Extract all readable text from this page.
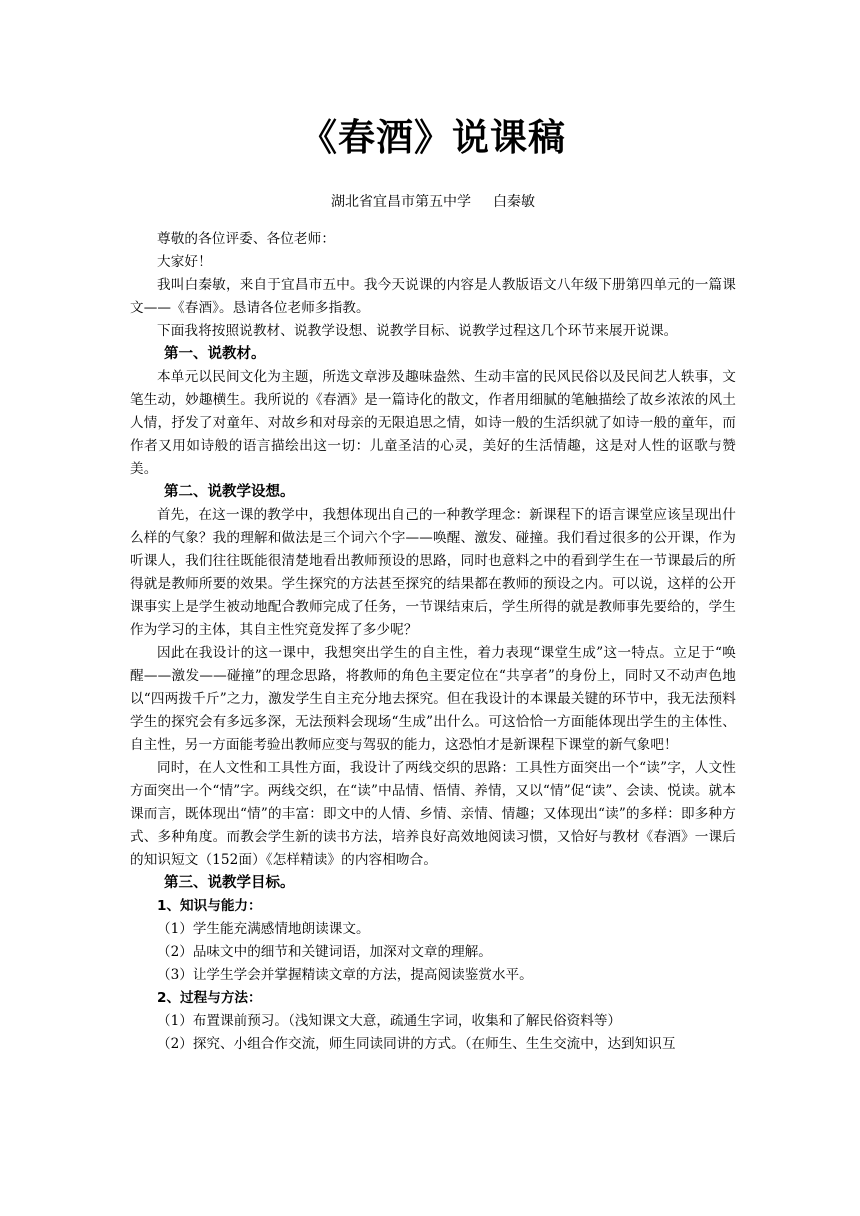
《春酒》说课稿
湖北省宜昌市第五中学 白秦敏

尊敬的各位评委、各位老师：

大家好！

我叫白秦敏，来自于宜昌市五中。我今天说课的内容是人教版语文八年级下册第四单元的一篇课文——《春酒》。恳请各位老师多指教。

下面我将按照说教材、说教学设想、说教学目标、说教学过程这几个环节来展开说课。

第一、说教材。

本单元以民间文化为主题，所选文章涉及趣味盎然、生动丰富的民风民俗以及民间艺人轶事，文笔生动，妙趣横生。我所说的《春酒》是一篇诗化的散文，作者用细腻的笔触描绘了故乡浓浓的风土人情，抒发了对童年、对故乡和对母亲的无限追思之情，如诗一般的生活织就了如诗一般的童年，而作者又用如诗般的语言描绘出这一切：儿童圣洁的心灵，美好的生活情趣，这是对人性的讴歌与赞美。

第二、说教学设想。

首先，在这一课的教学中，我想体现出自己的一种教学理念：新课程下的语言课堂应该呈现出什么样的气象？我的理解和做法是三个词六个字——唤醒、激发、碰撞。我们看过很多的公开课，作为听课人，我们往往既能很清楚地看出教师预设的思路，同时也意料之中的看到学生在一节课最后的所得就是教师所要的效果。学生探究的方法甚至探究的结果都在教师的预设之内。可以说，这样的公开课事实上是学生被动地配合教师完成了任务，一节课结束后，学生所得的就是教师事先要给的，学生作为学习的主体，其自主性究竟发挥了多少呢？

因此在我设计的这一课中，我想突出学生的自主性，着力表现“课堂生成”这一特点。立足于“唤醒——激发——碰撞”的理念思路，将教师的角色主要定位在“共享者”的身份上，同时又不动声色地以“四两拨千斤”之力，激发学生自主充分地去探究。但在我设计的本课最关键的环节中，我无法预料学生的探究会有多远多深，无法预料会现场“生成”出什么。可这恰恰一方面能体现出学生的主体性、自主性，另一方面能考验出教师应变与驾驭的能力，这恐怕才是新课程下课堂的新气象吧！

同时，在人文性和工具性方面，我设计了两线交织的思路：工具性方面突出一个“读”字，人文性方面突出一个“情”字。两线交织，在“读”中品情、悟情、养情，又以“情”促“读”、会读、悦读。就本课而言，既体现出“情”的丰富：即文中的人情、乡情、亲情、情趣；又体现出“读”的多样：即多种方式、多种角度。而教会学生新的读书方法，培养良好高效地阅读习惯，又恰好与教材《春酒》一课后的知识短文（152面）《怎样精读》的内容相吻合。

第三、说教学目标。

1、知识与能力：

（1）学生能充满感情地朗读课文。

（2）品味文中的细节和关键词语，加深对文章的理解。

（3）让学生学会并掌握精读文章的方法，提高阅读鉴赏水平。

2、过程与方法：

（1）布置课前预习。（浅知课文大意，疏通生字词，收集和了解民俗资料等）

（2）探究、小组合作交流，师生同读同讲的方式。（在师生、生生交流中，达到知识互
